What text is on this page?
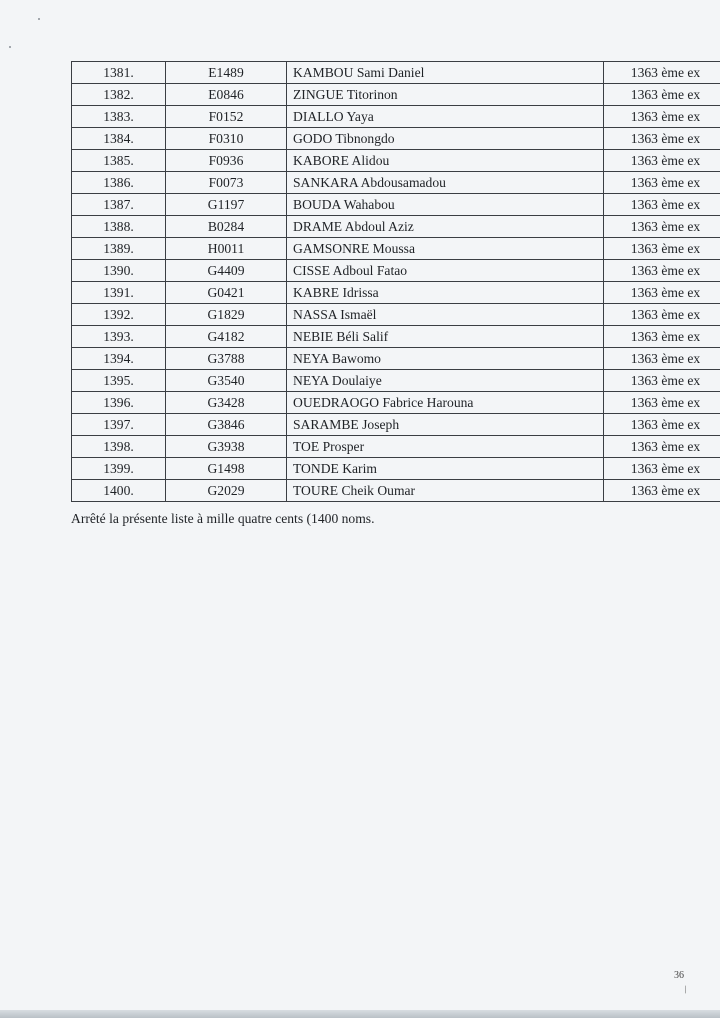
1381.	E1489	KAMBOU Sami Daniel	1363 ème ex
1382.	E0846	ZINGUE Titorinon	1363 ème ex
1383.	F0152	DIALLO Yaya	1363 ème ex
1384.	F0310	GODO Tibnongdo	1363 ème ex
1385.	F0936	KABORE Alidou	1363 ème ex
1386.	F0073	SANKARA Abdousamadou	1363 ème ex
1387.	G1197	BOUDA Wahabou	1363 ème ex
1388.	B0284	DRAME Abdoul Aziz	1363 ème ex
1389.	H0011	GAMSONRE Moussa	1363 ème ex
1390.	G4409	CISSE Adboul Fatao	1363 ème ex
1391.	G0421	KABRE Idrissa	1363 ème ex
1392.	G1829	NASSA Ismaël	1363 ème ex
1393.	G4182	NEBIE Béli Salif	1363 ème ex
1394.	G3788	NEYA Bawomo	1363 ème ex
1395.	G3540	NEYA Doulaiye	1363 ème ex
1396.	G3428	OUEDRAOGO Fabrice Harouna	1363 ème ex
1397.	G3846	SARAMBE Joseph	1363 ème ex
1398.	G3938	TOE Prosper	1363 ème ex
1399.	G1498	TONDE Karim	1363 ème ex
1400.	G2029	TOURE Cheik Oumar	1363 ème ex
Arrêté la présente liste à mille quatre cents (1400 noms.
36
/
